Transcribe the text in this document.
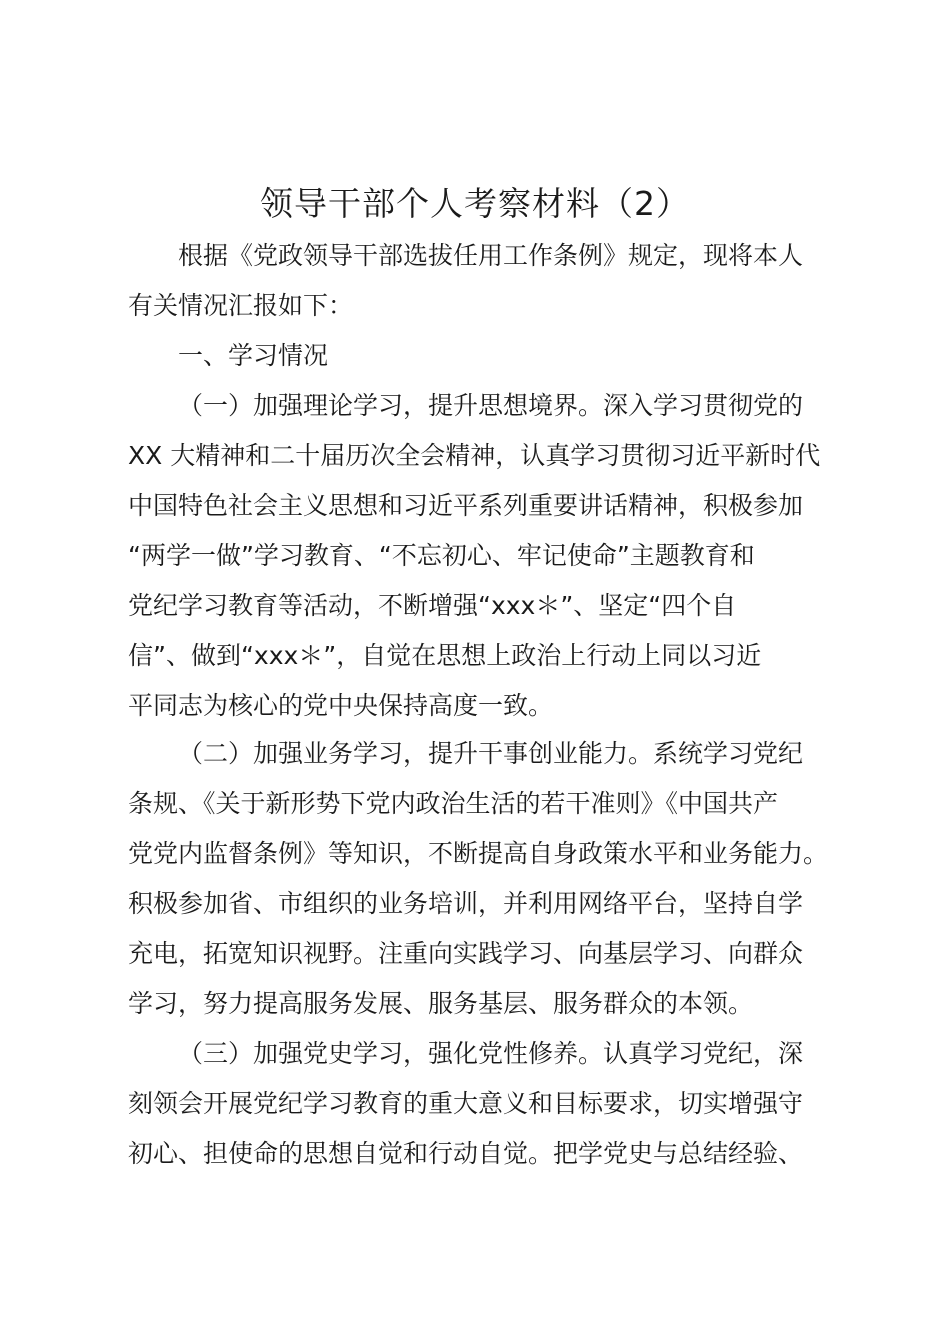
领导干部个人考察材料（2）
根据《党政领导干部选拔任用工作条例》规定，现将本人
有关情况汇报如下：
一、学习情况
（一）加强理论学习，提升思想境界。深入学习贯彻党的
XX 大精神和二十届历次全会精神，认真学习贯彻习近平新时代
中国特色社会主义思想和习近平系列重要讲话精神，积极参加
“两学一做”学习教育、“不忘初心、牢记使命”主题教育和
党纪学习教育等活动，不断增强“xxx＊”、坚定“四个自
信”、做到“xxx＊”，自觉在思想上政治上行动上同以习近
平同志为核心的党中央保持高度一致。
（二）加强业务学习，提升干事创业能力。系统学习党纪
条规、《关于新形势下党内政治生活的若干准则》《中国共产
党党内监督条例》等知识，不断提高自身政策水平和业务能力。
积极参加省、市组织的业务培训，并利用网络平台，坚持自学
充电，拓宽知识视野。注重向实践学习、向基层学习、向群众
学习，努力提高服务发展、服务基层、服务群众的本领。
（三）加强党史学习，强化党性修养。认真学习党纪，深
刻领会开展党纪学习教育的重大意义和目标要求，切实增强守
初心、担使命的思想自觉和行动自觉。把学党史与总结经验、
